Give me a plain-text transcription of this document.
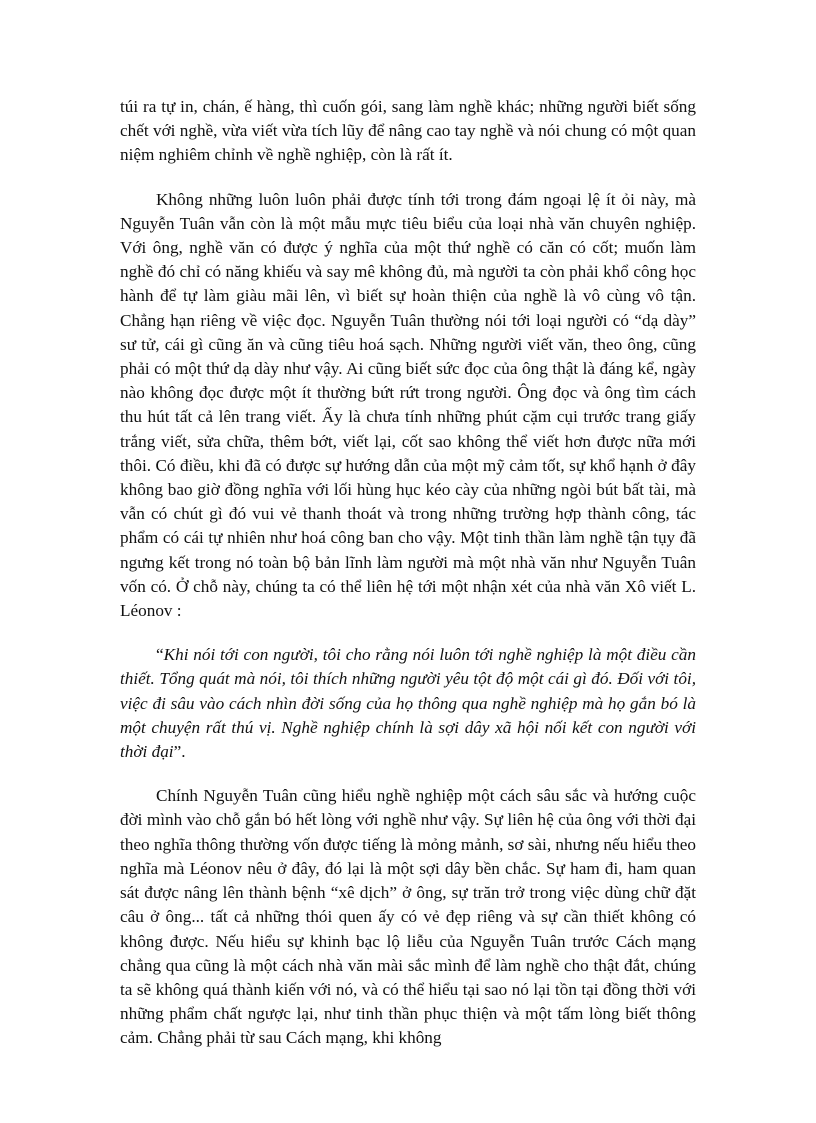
túi ra tự in, chán, ế hàng, thì cuốn gói, sang làm nghề khác; những người biết sống chết với nghề, vừa viết vừa tích lũy để nâng cao tay nghề và nói chung có một quan niệm nghiêm chỉnh về nghề nghiệp, còn là rất ít.

Không những luôn luôn phải được tính tới trong đám ngoại lệ ít ỏi này, mà Nguyễn Tuân vẫn còn là một mẫu mực tiêu biểu của loại nhà văn chuyên nghiệp. Với ông, nghề văn có được ý nghĩa của một thứ nghề có căn có cốt; muốn làm nghề đó chỉ có năng khiếu và say mê không đủ, mà người ta còn phải khổ công học hành để tự làm giàu mãi lên, vì biết sự hoàn thiện của nghề là vô cùng vô tận. Chẳng hạn riêng về việc đọc. Nguyễn Tuân thường nói tới loại người có “dạ dày” sư tử, cái gì cũng ăn và cũng tiêu hoá sạch. Những người viết văn, theo ông, cũng phải có một thứ dạ dày như vậy. Ai cũng biết sức đọc của ông thật là đáng kể, ngày nào không đọc được một ít thường bứt rứt trong người. Ông đọc và ông tìm cách thu hút tất cả lên trang viết. Ấy là chưa tính những phút cặm cụi trước trang giấy trắng viết, sửa chữa, thêm bớt, viết lại, cốt sao không thể viết hơn được nữa mới thôi. Có điều, khi đã có được sự hướng dẫn của một mỹ cảm tốt, sự khổ hạnh ở đây không bao giờ đồng nghĩa với lối hùng hục kéo cày của những ngòi bút bất tài, mà vẫn có chút gì đó vui vẻ thanh thoát và trong những trường hợp thành công, tác phẩm có cái tự nhiên như hoá công ban cho vậy. Một tinh thần làm nghề tận tụy đã ngưng kết trong nó toàn bộ bản lĩnh làm người mà một nhà văn như Nguyễn Tuân vốn có. Ở chỗ này, chúng ta có thể liên hệ tới một nhận xét của nhà văn Xô viết L. Léonov :

“Khi nói tới con người, tôi cho rằng nói luôn tới nghề nghiệp là một điều cần thiết. Tổng quát mà nói, tôi thích những người yêu tột độ một cái gì đó. Đối với tôi, việc đi sâu vào cách nhìn đời sống của họ thông qua nghề nghiệp mà họ gắn bó là một chuyện rất thú vị. Nghề nghiệp chính là sợi dây xã hội nối kết con người với thời đại”.

Chính Nguyễn Tuân cũng hiểu nghề nghiệp một cách sâu sắc và hướng cuộc đời mình vào chỗ gắn bó hết lòng với nghề như vậy. Sự liên hệ của ông với thời đại theo nghĩa thông thường vốn được tiếng là mỏng mảnh, sơ sài, nhưng nếu hiểu theo nghĩa mà Léonov nêu ở đây, đó lại là một sợi dây bền chắc. Sự ham đi, ham quan sát được nâng lên thành bệnh “xê dịch” ở ông, sự trăn trở trong việc dùng chữ đặt câu ở ông... tất cả những thói quen ấy có vẻ đẹp riêng và sự cần thiết không có không được. Nếu hiểu sự khinh bạc lộ liễu của Nguyễn Tuân trước Cách mạng chẳng qua cũng là một cách nhà văn mài sắc mình để làm nghề cho thật đắt, chúng ta sẽ không quá thành kiến với nó, và có thể hiểu tại sao nó lại tồn tại đồng thời với những phẩm chất ngược lại, như tinh thần phục thiện và một tấm lòng biết thông cảm. Chẳng phải từ sau Cách mạng, khi không
